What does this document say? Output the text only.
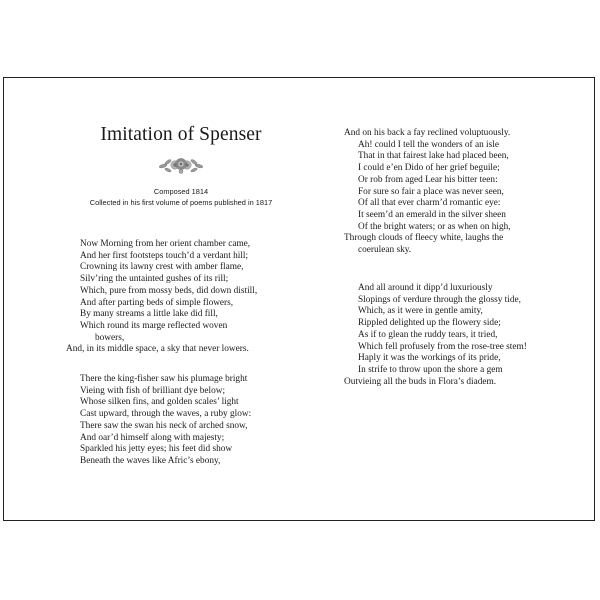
Imitation of Spenser
Composed 1814
Collected in his first volume of poems published in 1817
Now Morning from her orient chamber came,
And her first footsteps touch’d a verdant hill;
Crowning its lawny crest with amber flame,
Silv’ring the untainted gushes of its rill;
Which, pure from mossy beds, did down distill,
And after parting beds of simple flowers,
By many streams a little lake did fill,
Which round its marge reflected woven
bowers,
And, in its middle space, a sky that never lowers.
There the king-fisher saw his plumage bright
Vieing with fish of brilliant dye below;
Whose silken fins, and golden scales’ light
Cast upward, through the waves, a ruby glow:
There saw the swan his neck of arched snow,
And oar’d himself along with majesty;
Sparkled his jetty eyes; his feet did show
Beneath the waves like Afric’s ebony,
And on his back a fay reclined voluptuously.
Ah! could I tell the wonders of an isle
That in that fairest lake had placed been,
I could e’en Dido of her grief beguile;
Or rob from aged Lear his bitter teen:
For sure so fair a place was never seen,
Of all that ever charm’d romantic eye:
It seem’d an emerald in the silver sheen
Of the bright waters; or as when on high,
Through clouds of fleecy white, laughs the
coerulean sky.
And all around it dipp’d luxuriously
Slopings of verdure through the glossy tide,
Which, as it were in gentle amity,
Rippled delighted up the flowery side;
As if to glean the ruddy tears, it tried,
Which fell profusely from the rose-tree stem!
Haply it was the workings of its pride,
In strife to throw upon the shore a gem
Outvieing all the buds in Flora’s diadem.
